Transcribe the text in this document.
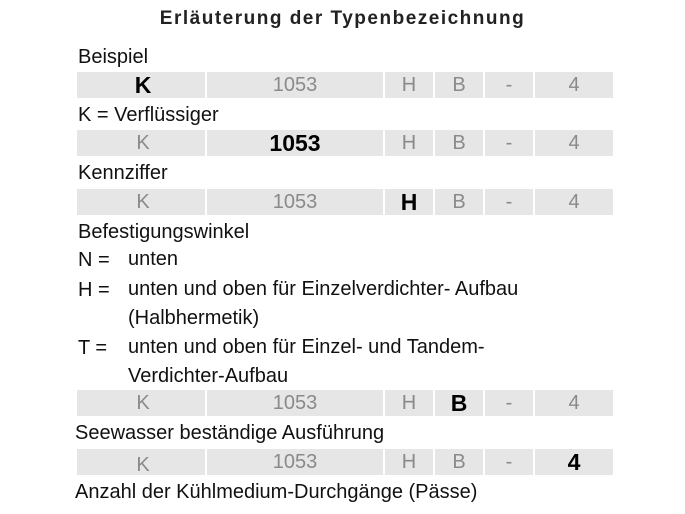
Erläuterung der Typenbezeichnung
Beispiel
K	1053	H B -	4
K = Verflüssiger
K	1053	H B -	4
Kennziffer
K	1053	H B -	4
Befestigungswinkel
N = unten
H = unten und oben für Einzelverdichter- Aufbau
(Halbhermetik)
T = unten und oben für Einzel- und Tandem-
Verdichter-Aufbau
K	1053	H B -	4
Seewasser beständige Ausführung
K	1053	H B - 4
Anzahl der Kühlmedium-Durchgänge (Pässe)
